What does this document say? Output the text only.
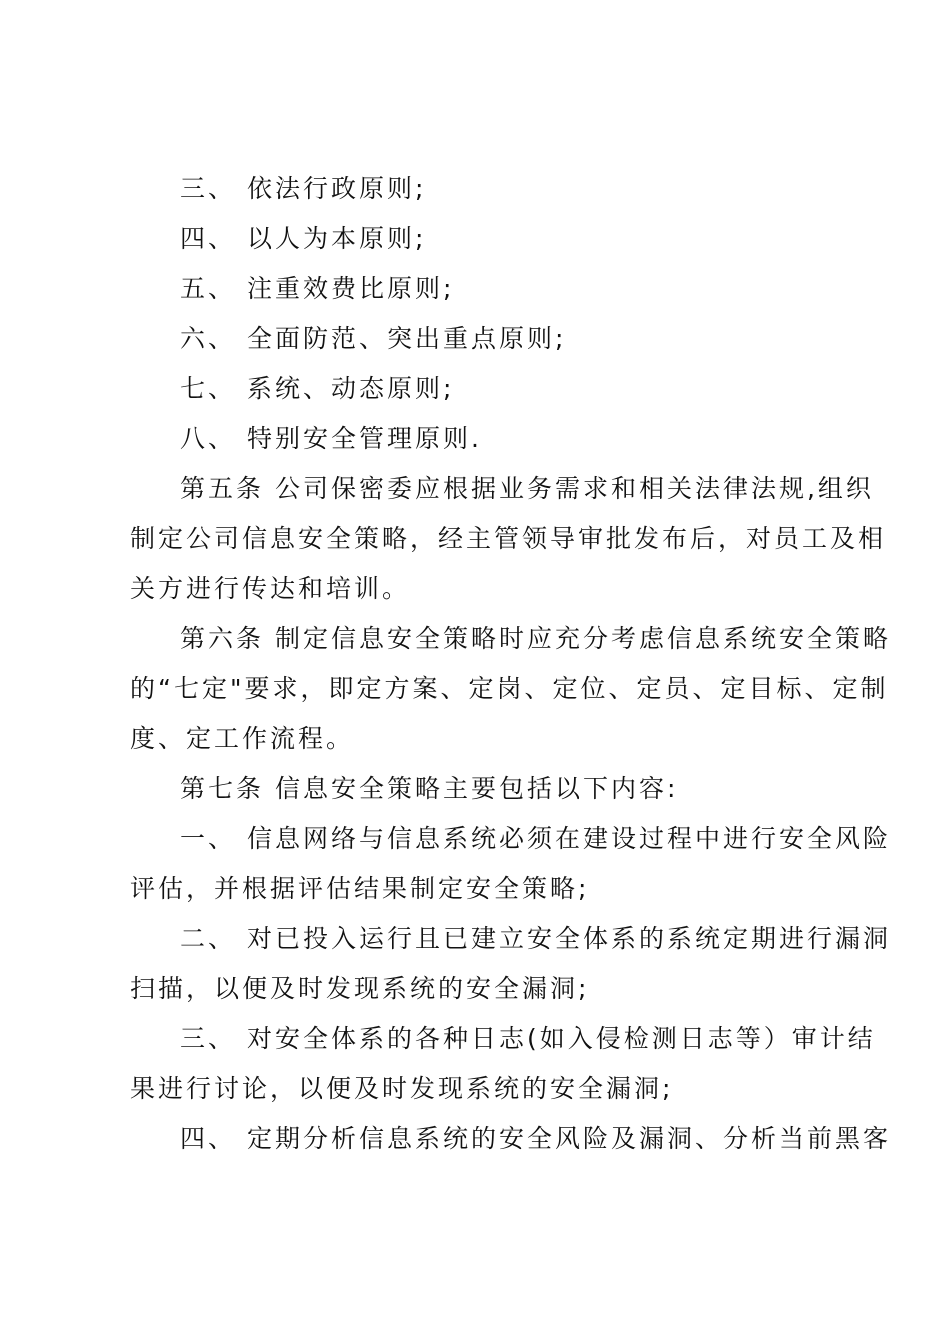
三、 依法行政原则;
四、 以人为本原则;
五、 注重效费比原则;
六、 全面防范、突出重点原则;
七、 系统、动态原则;
八、 特别安全管理原则.
第五条 公司保密委应根据业务需求和相关法律法规,组织
制定公司信息安全策略，经主管领导审批发布后，对员工及相
关方进行传达和培训。
第六条 制定信息安全策略时应充分考虑信息系统安全策略
的“七定"要求，即定方案、定岗、定位、定员、定目标、定制
度、定工作流程。
第七条 信息安全策略主要包括以下内容:
一、 信息网络与信息系统必须在建设过程中进行安全风险
评估，并根据评估结果制定安全策略;
二、 对已投入运行且已建立安全体系的系统定期进行漏洞
扫描，以便及时发现系统的安全漏洞;
三、 对安全体系的各种日志(如入侵检测日志等）审计结
果进行讨论，以便及时发现系统的安全漏洞;
四、 定期分析信息系统的安全风险及漏洞、分析当前黑客
